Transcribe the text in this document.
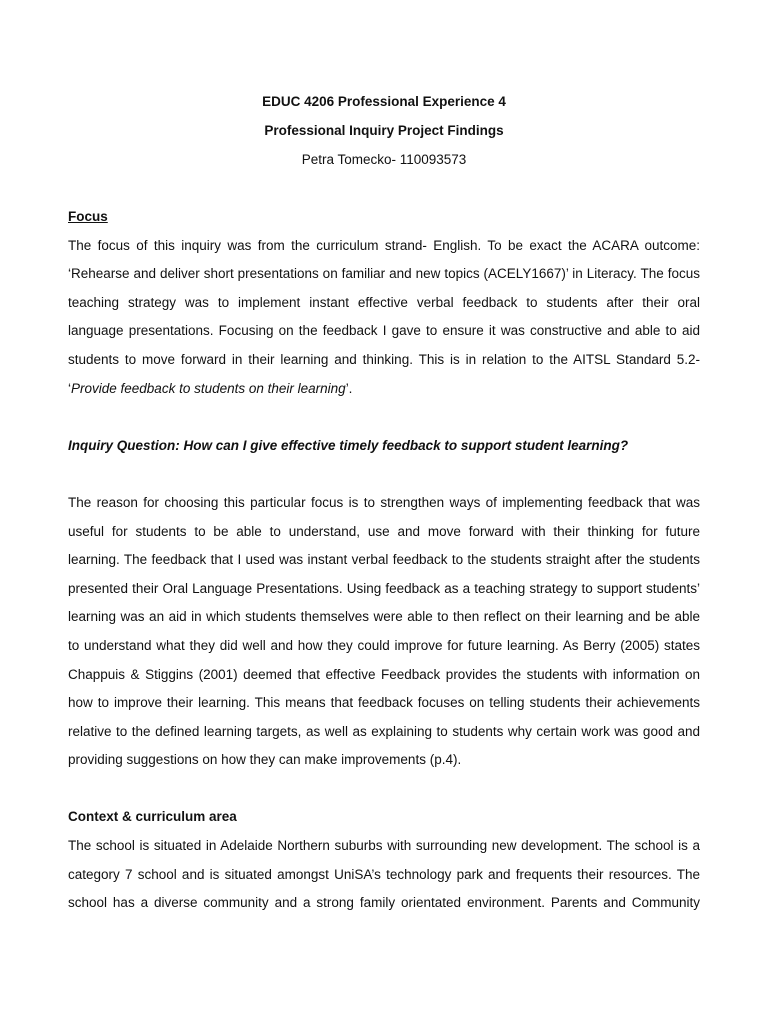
EDUC 4206 Professional Experience 4
Professional Inquiry Project Findings
Petra Tomecko- 110093573
Focus
The focus of this inquiry was from the curriculum strand- English. To be exact the ACARA outcome:
‘Rehearse and deliver short presentations on familiar and new topics (ACELY1667)’ in Literacy. The focus
teaching strategy was to implement instant effective verbal feedback to students after their oral
language presentations. Focusing on the feedback I gave to ensure it was constructive and able to aid
students to move forward in their learning and thinking. This is in relation to the AITSL Standard 5.2-
‘Provide feedback to students on their learning’.
Inquiry Question: How can I give effective timely feedback to support student learning?
The reason for choosing this particular focus is to strengthen ways of implementing feedback that was
useful for students to be able to understand, use and move forward with their thinking for future
learning. The feedback that I used was instant verbal feedback to the students straight after the students
presented their Oral Language Presentations. Using feedback as a teaching strategy to support students’
learning was an aid in which students themselves were able to then reflect on their learning and be able
to understand what they did well and how they could improve for future learning. As Berry (2005) states
Chappuis & Stiggins (2001) deemed that effective Feedback provides the students with information on
how to improve their learning. This means that feedback focuses on telling students their achievements
relative to the defined learning targets, as well as explaining to students why certain work was good and
providing suggestions on how they can make improvements (p.4).
Context & curriculum area
The school is situated in Adelaide Northern suburbs with surrounding new development. The school is a
category 7 school and is situated amongst UniSA’s technology park and frequents their resources. The
school has a diverse community and a strong family orientated environment. Parents and Community
